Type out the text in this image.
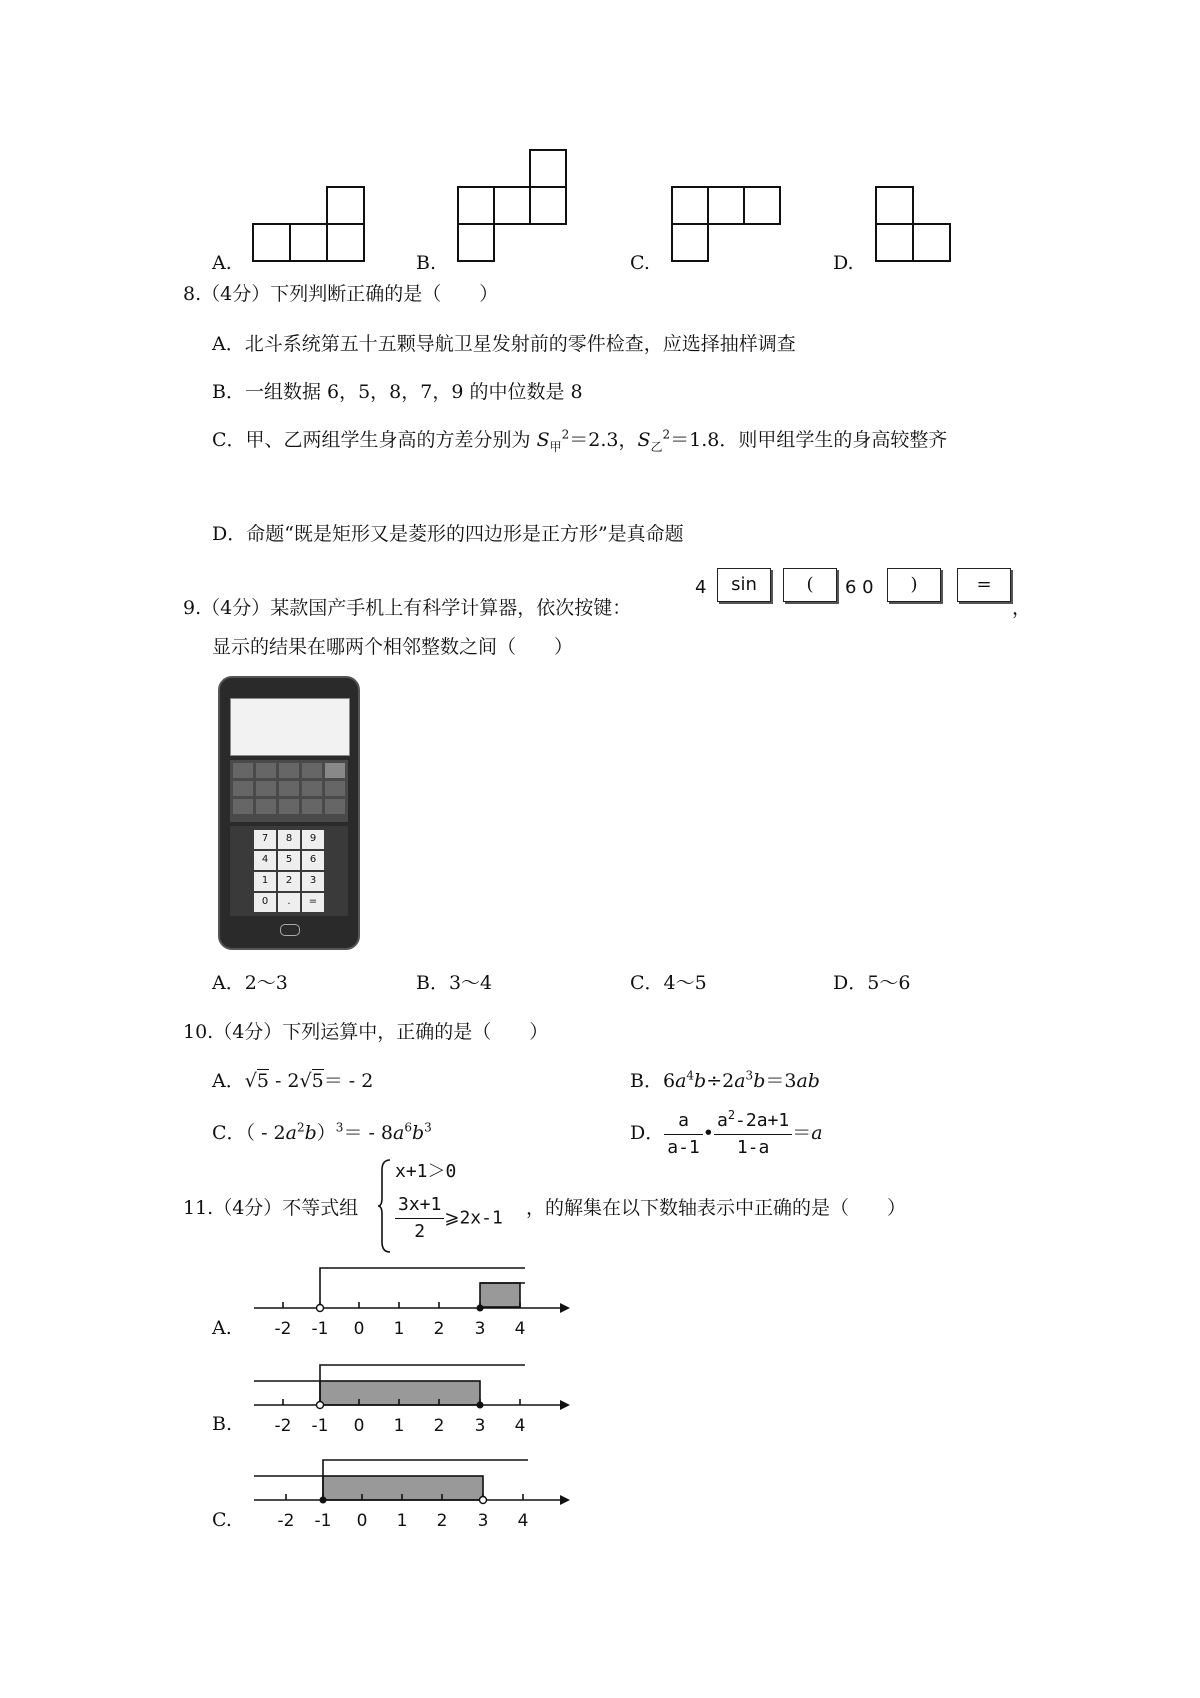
A.	B.	C.	D.
8.（4分）下列判断正确的是（　　）
A．北斗系统第五十五颗导航卫星发射前的零件检查，应选择抽样调查
B．一组数据 6，5，8，7，9 的中位数是 8
C．甲、乙两组学生身高的方差分别为 $S_甲^2=2.3$，$S_乙^2=1.8$．则甲组学生的身高较整齐
D．命题“既是矩形又是菱形的四边形是正方形”是真命题
9.（4分）某款国产手机上有科学计算器，依次按键：
4	sin	(	6 0	)	=
，
显示的结果在哪两个相邻整数之间（　　）
7	8	9
4	5	6
1	2	3
0	.	=
A．2～3	B．3～4	C．4～5	D．5～6
10.（4分）下列运算中，正确的是（　　）
A．√5 - 2√5＝ - 2	B．$6a^4b\div 2a^3b=3ab$
C．（ - $2a^2b)^3= - 8a^6b^3$	D． $\frac{a}{a-1}$ • $\frac{a^2-2a+1}{1-a} =a$
11.（4分）不等式组
x+1＞0
$\frac{3x+1}{2}$ ⩾2x-1 ，的解集在以下数轴表示中正确的是（　　）
A.	-2 -1 0 1 2 3 4
B.	-2 -1 0 1 2 3 4
C.	-2 -1 0 1 2 3 4
